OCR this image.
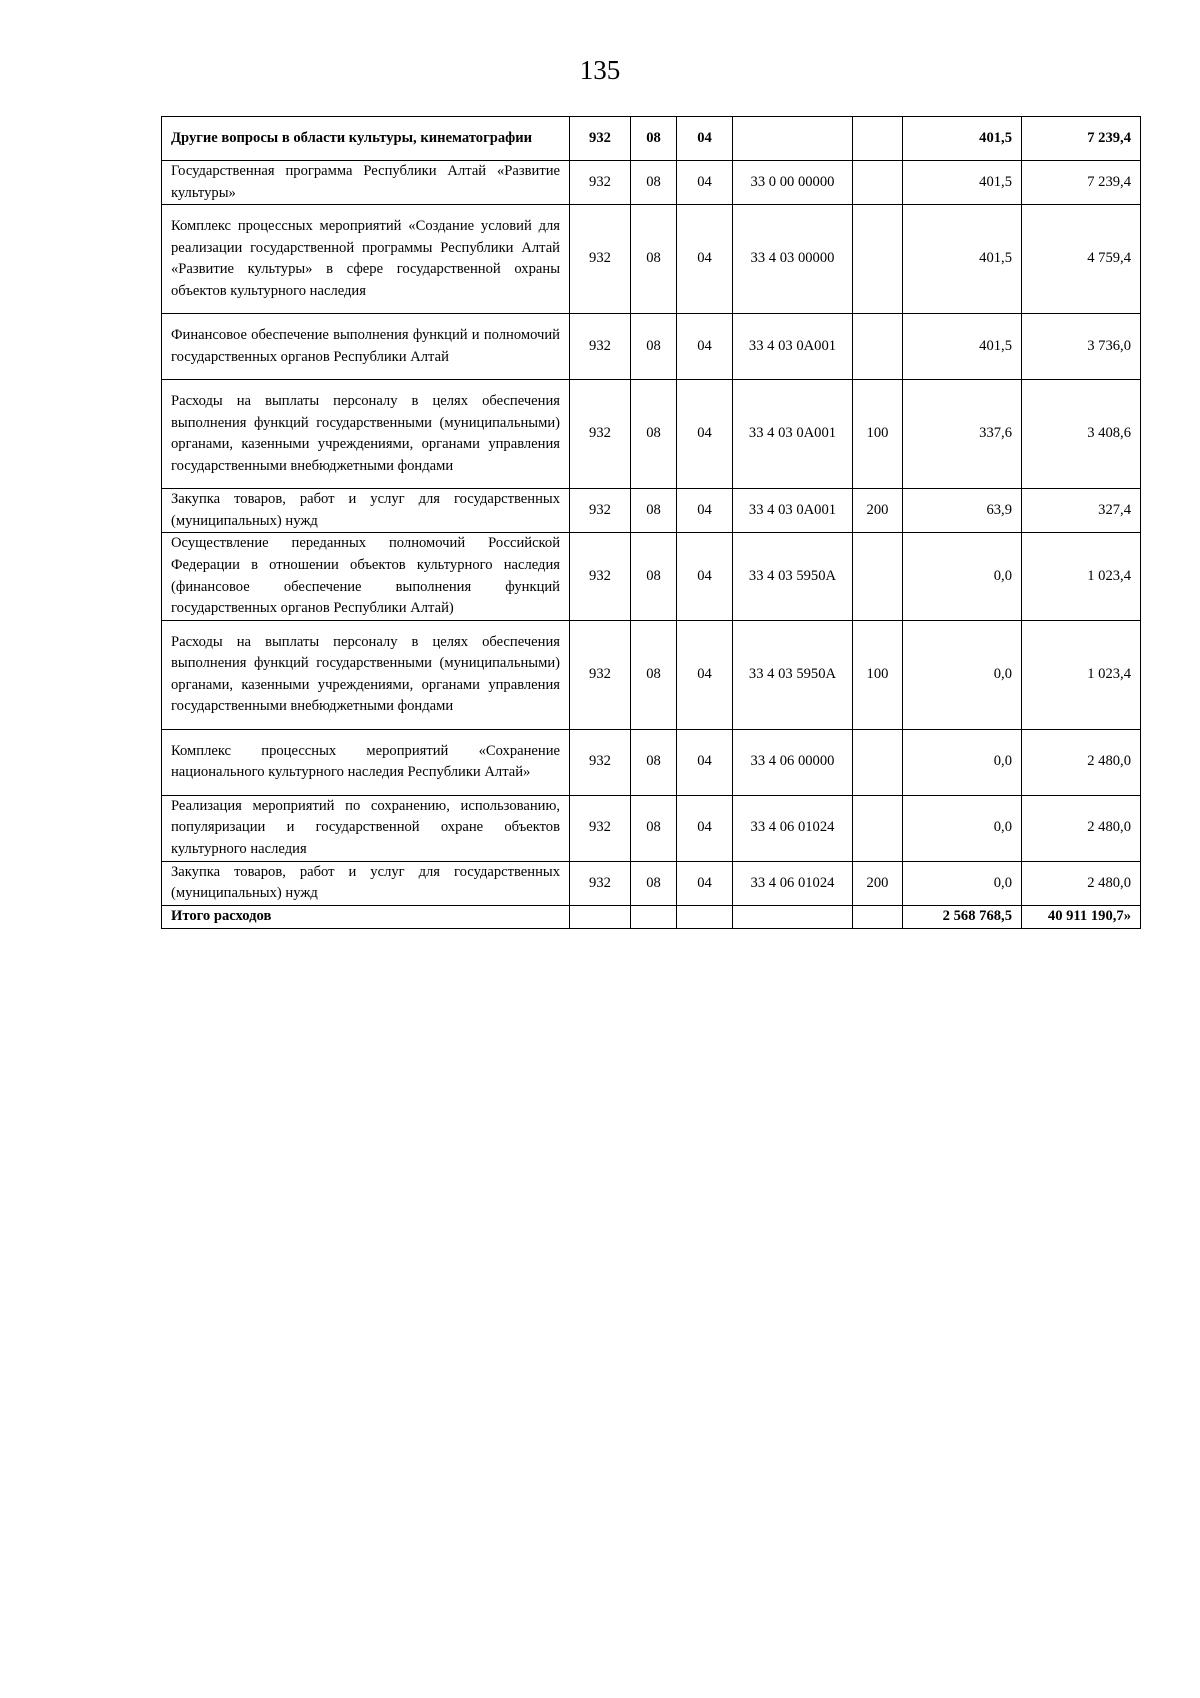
135
Другие вопросы в области культуры, кинематографии	932	08	04			401,5	7 239,4
Государственная программа Республики Алтай «Развитие культуры»	932	08	04	33 0 00 00000		401,5	7 239,4
Комплекс процессных мероприятий «Создание условий для реализации государственной программы Республики Алтай «Развитие культуры» в сфере государственной охраны объектов культурного наследия	932	08	04	33 4 03 00000		401,5	4 759,4
Финансовое обеспечение выполнения функций и полномочий государственных органов Республики Алтай	932	08	04	33 4 03 0A001		401,5	3 736,0
Расходы на выплаты персоналу в целях обеспечения выполнения функций государственными (муниципальными) органами, казенными учреждениями, органами управления государственными внебюджетными фондами	932	08	04	33 4 03 0A001	100	337,6	3 408,6
Закупка товаров, работ и услуг для государственных (муниципальных) нужд	932	08	04	33 4 03 0A001	200	63,9	327,4
Осуществление переданных полномочий Российской Федерации в отношении объектов культурного наследия (финансовое обеспечение выполнения функций государственных органов Республики Алтай)	932	08	04	33 4 03 5950A		0,0	1 023,4
Расходы на выплаты персоналу в целях обеспечения выполнения функций государственными (муниципальными) органами, казенными учреждениями, органами управления государственными внебюджетными фондами	932	08	04	33 4 03 5950A	100	0,0	1 023,4
Комплекс процессных мероприятий «Сохранение национального культурного наследия Республики Алтай»	932	08	04	33 4 06 00000		0,0	2 480,0
Реализация мероприятий по сохранению, использованию, популяризации и государственной охране объектов культурного наследия	932	08	04	33 4 06 01024		0,0	2 480,0
Закупка товаров, работ и услуг для государственных (муниципальных) нужд	932	08	04	33 4 06 01024	200	0,0	2 480,0
Итого расходов						2 568 768,5	40 911 190,7»
